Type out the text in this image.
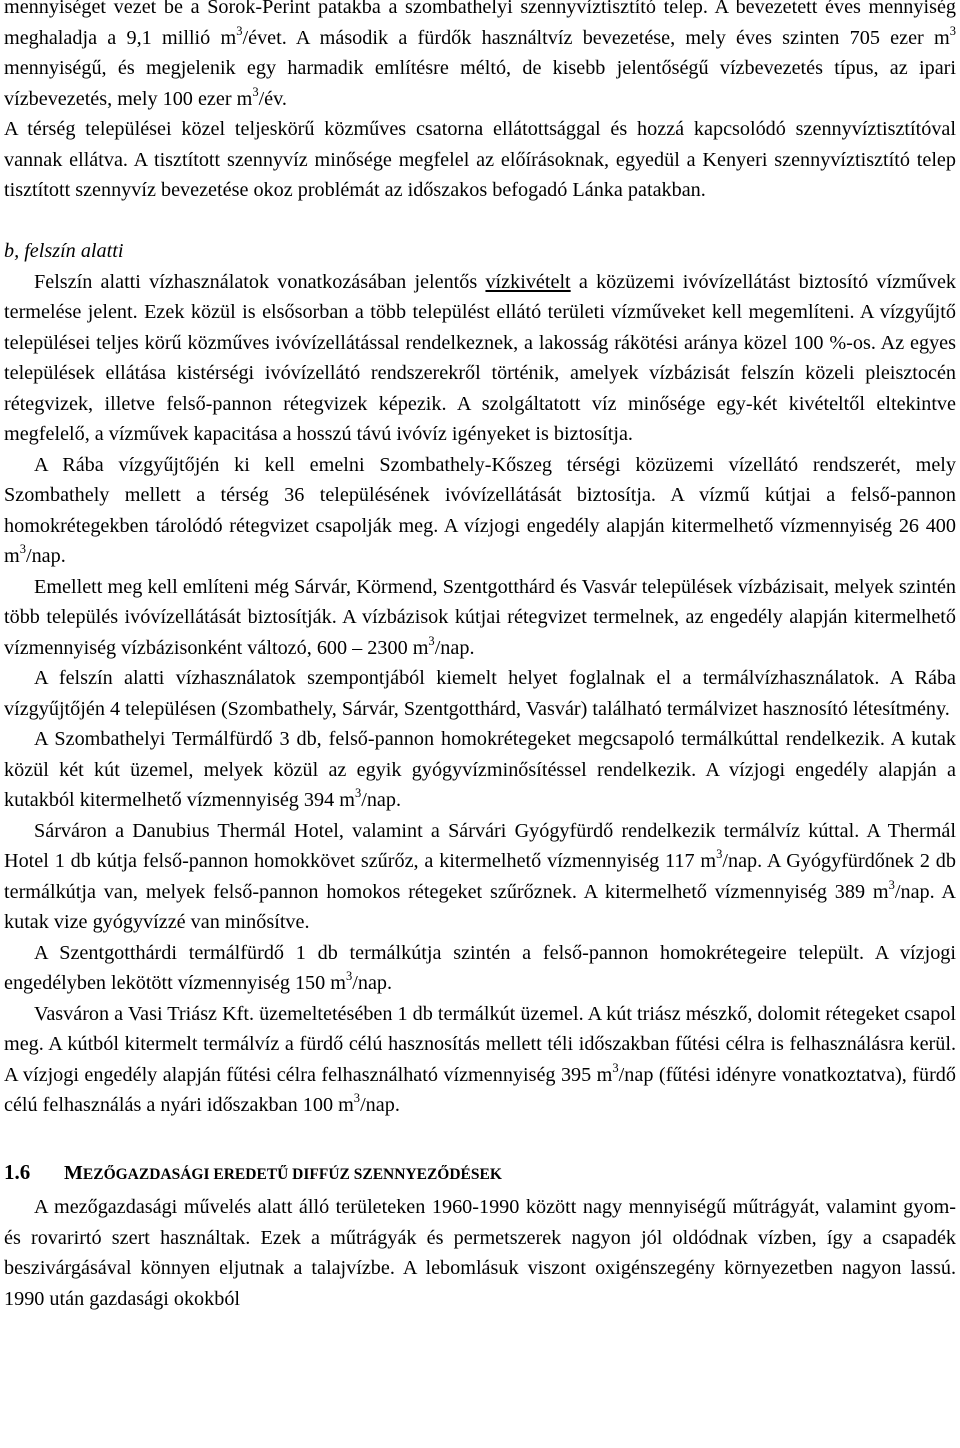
mennyiséget vezet be a Sorok-Perint patakba a szombathelyi szennyvíztisztító telep. A bevezetett éves mennyiség meghaladja a 9,1 millió $m^3$/évet. A második a fürdők használtvíz bevezetése, mely éves szinten 705 ezer $m^3$ mennyiségű, és megjelenik egy harmadik említésre méltó, de kisebb jelentőségű vízbevezetés típus, az ipari vízbevezetés, mely 100 ezer $m^3/év$.

A térség települései közel teljeskörű közműves csatorna ellátottsággal és hozzá kapcsolódó szennyvíztisztítóval vannak ellátva. A tisztított szennyvíz minősége megfelel az előírásoknak, egyedül a Kenyeri szennyvíztisztító telep tisztított szennyvíz bevezetése okoz problémát az időszakos befogadó Lánka patakban.

b, felszín alatti

Felszín alatti vízhasználatok vonatkozásában jelentős vízkivételt a közüzemi ivóvízellátást biztosító vízművek termelése jelent. Ezek közül is elsősorban a több települést ellátó területi vízműveket kell megemlíteni. A vízgyűjtő települései teljes körű közműves ivóvízellátással rendelkeznek, a lakosság rákötési aránya közel 100 %-os. Az egyes települések ellátása kistérségi ivóvízellátó rendszerekről történik, amelyek vízbázisát felszín közeli pleisztocén rétegvizek, illetve felső-pannon rétegvizek képezik. A szolgáltatott víz minősége egy-két kivételtől eltekintve megfelelő, a vízművek kapacitása a hosszú távú ivóvíz igényeket is biztosítja.

A Rába vízgyűjtőjén ki kell emelni Szombathely-Kőszeg térségi közüzemi vízellátó rendszerét, mely Szombathely mellett a térség 36 településének ivóvízellátását biztosítja. A vízmű kútjai a felső-pannon homokrétegekben tárolódó rétegvizet csapolják meg. A vízjogi engedély alapján kitermelhető vízmennyiség 26 400 $m^3$/nap.

Emellett meg kell említeni még Sárvár, Körmend, Szentgotthárd és Vasvár települések vízbázisait, melyek szintén több település ivóvízellátását biztosítják. A vízbázisok kútjai rétegvizet termelnek, az engedély alapján kitermelhető vízmennyiség vízbázisonként változó, 600 – 2300 $m^3$/nap.

A felszín alatti vízhasználatok szempontjából kiemelt helyet foglalnak el a termálvízhasználatok. A Rába vízgyűjtőjén 4 településen (Szombathely, Sárvár, Szentgotthárd, Vasvár) található termálvizet hasznosító létesítmény.

A Szombathelyi Termálfürdő 3 db, felső-pannon homokrétegeket megcsapoló termálkúttal rendelkezik. A kutak közül két kút üzemel, melyek közül az egyik gyógyvízminősítéssel rendelkezik. A vízjogi engedély alapján a kutakból kitermelhető vízmennyiség 394 $m^3$/nap.

Sárváron a Danubius Thermál Hotel, valamint a Sárvári Gyógyfürdő rendelkezik termálvíz kúttal. A Thermál Hotel 1 db kútja felső-pannon homokkövet szűrőz, a kitermelhető vízmennyiség 117 $m^3$/nap. A Gyógyfürdőnek 2 db termálkútja van, melyek felső-pannon homokos rétegeket szűrőznek. A kitermelhető vízmennyiség 389 $m^3$/nap. A kutak vize gyógyvízzé van minősítve.

A Szentgotthárdi termálfürdő 1 db termálkútja szintén a felső-pannon homokrétegeire települt. A vízjogi engedélyben lekötött vízmennyiség 150 $m^3$/nap.

Vasváron a Vasi Triász Kft. üzemeltetésében 1 db termálkút üzemel. A kút triász mészkő, dolomit rétegeket csapol meg. A kútból kitermelt termálvíz a fürdő célú hasznosítás mellett téli időszakban fűtési célra is felhasználásra kerül. A vízjogi engedély alapján fűtési célra felhasználható vízmennyiség 395 $m^3$/nap (fűtési idényre vonatkoztatva), fürdő célú felhasználás a nyári időszakban 100 $m^3$/nap.

1.6 MEZŐGAZDASÁGI EREDETŰ DIFFÚZ SZENNYEZŐDÉSEK

A mezőgazdasági művelés alatt álló területeken 1960-1990 között nagy mennyiségű műtrágyát, valamint gyom- és rovarirtó szert használtak. Ezek a műtrágyák és permetszerek nagyon jól oldódnak vízben, így a csapadék beszivárgásával könnyen eljutnak a talajvízbe. A lebomlásuk viszont oxigénszegény környezetben nagyon lassú. 1990 után gazdasági okokból
